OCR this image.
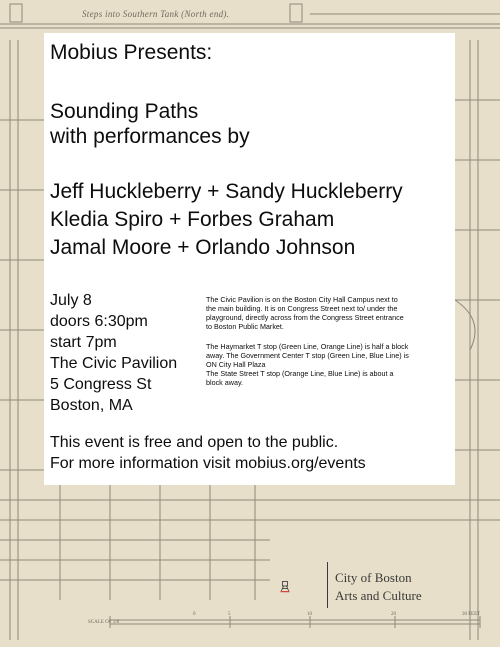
Steps into Southern Tank (North end).
SCALE OF 1/8
0	5	10	20	30 FEET
Mobius Presents:
Sounding Paths
with performances by
Jeff Huckleberry + Sandy Huckleberry
Kledia Spiro + Forbes Graham
Jamal Moore + Orlando Johnson
July 8
doors 6:30pm
start 7pm
The Civic Pavilion
5 Congress St
Boston, MA
The Civic Pavilion is on the Boston City Hall Campus next to
the main building. It is on Congress Street next to/ under the
playground, directly across from the Congress Street entrance
to Boston Public Market.
The Haymarket T stop (Green Line, Orange Line) is half a block
away. The Government Center T stop (Green Line, Blue Line) is
ON City Hall Plaza
The State Street T stop (Orange Line, Blue Line) is about a
block away.
This event is free and open to the public.
For more information visit mobius.org/events
City of Boston
Arts and Culture
